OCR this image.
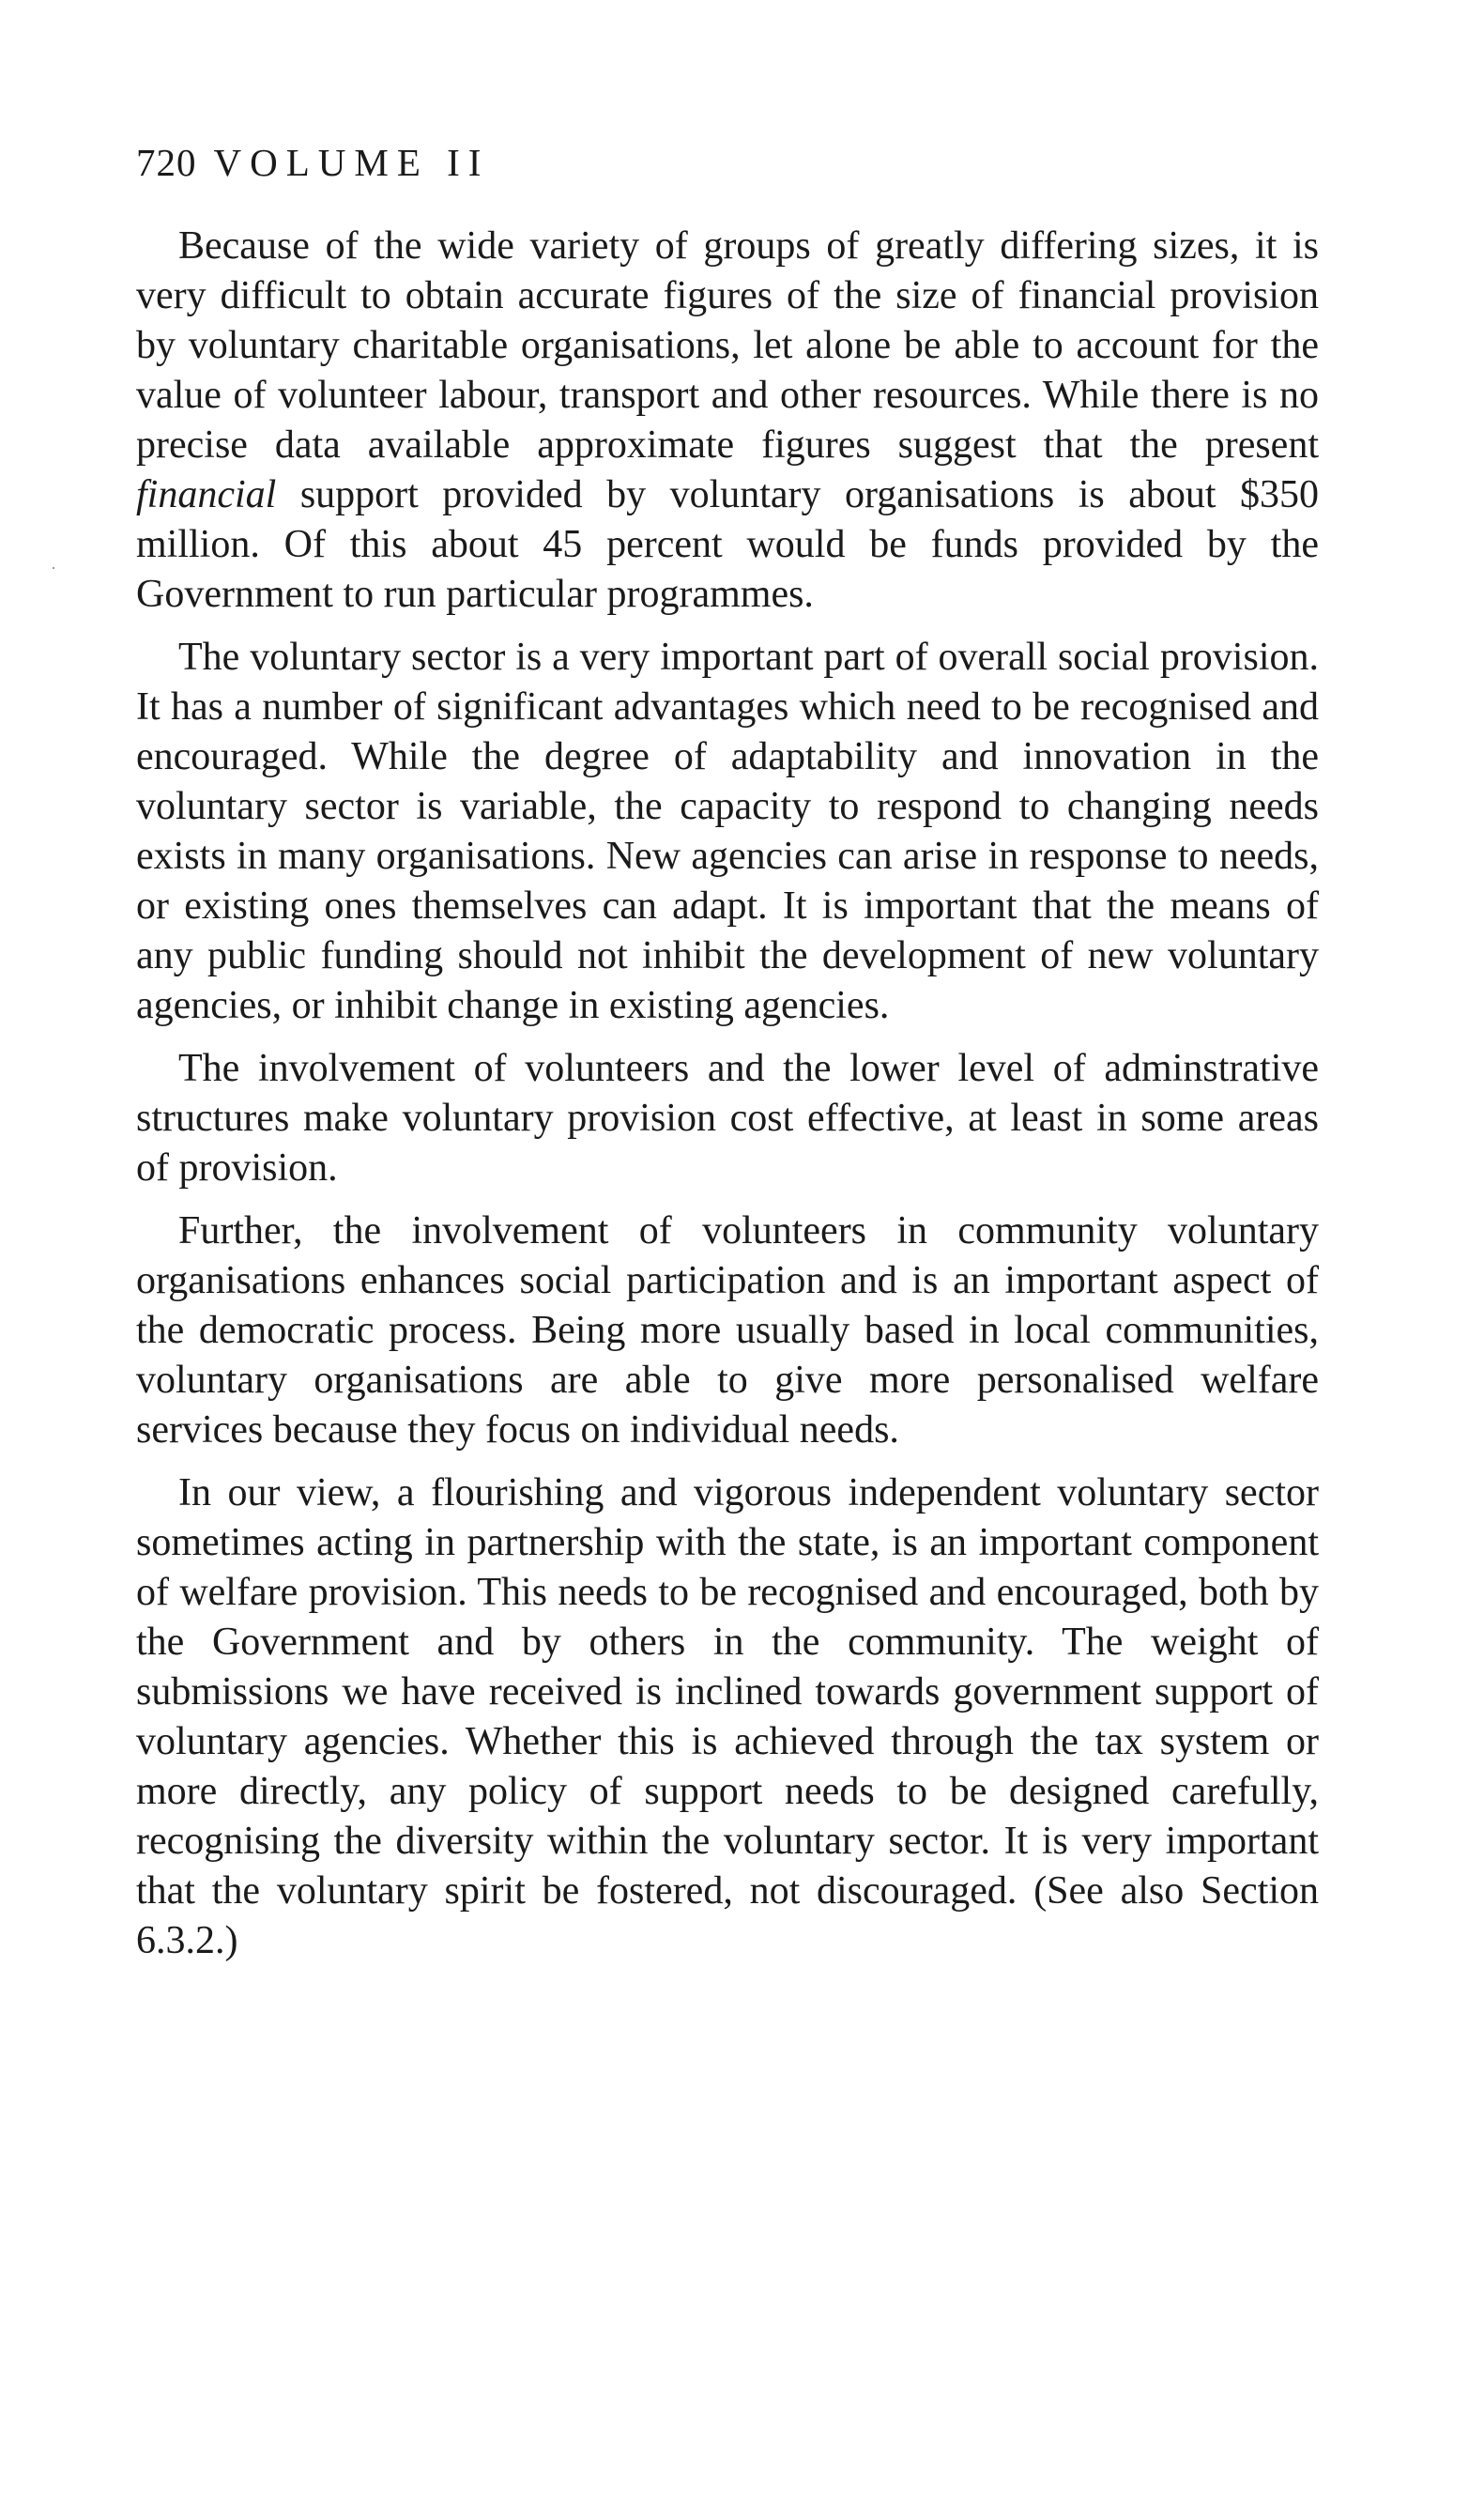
720 VOLUME II

Because of the wide variety of groups of greatly differing sizes, it is very difficult to obtain accurate figures of the size of financial provision by voluntary charitable organisations, let alone be able to account for the value of volunteer labour, transport and other resources. While there is no precise data available approximate figures suggest that the present financial support provided by voluntary organisations is about $350 million. Of this about 45 percent would be funds provided by the Government to run particular programmes.

The voluntary sector is a very important part of overall social provision. It has a number of significant advantages which need to be recognised and encouraged. While the degree of adaptability and innovation in the voluntary sector is variable, the capacity to respond to changing needs exists in many organisations. New agencies can arise in response to needs, or existing ones themselves can adapt. It is important that the means of any public funding should not inhibit the development of new voluntary agencies, or inhibit change in existing agencies.

The involvement of volunteers and the lower level of adminstrative structures make voluntary provision cost effective, at least in some areas of provision.

Further, the involvement of volunteers in community voluntary organisations enhances social participation and is an important aspect of the democratic process. Being more usually based in local communities, voluntary organisations are able to give more personalised welfare services because they focus on individual needs.

In our view, a flourishing and vigorous independent voluntary sector sometimes acting in partnership with the state, is an important component of welfare provision. This needs to be recognised and encouraged, both by the Government and by others in the community. The weight of submissions we have received is inclined towards government support of voluntary agencies. Whether this is achieved through the tax system or more directly, any policy of support needs to be designed carefully, recognising the diversity within the voluntary sector. It is very important that the voluntary spirit be fostered, not discouraged. (See also Section 6.3.2.)
